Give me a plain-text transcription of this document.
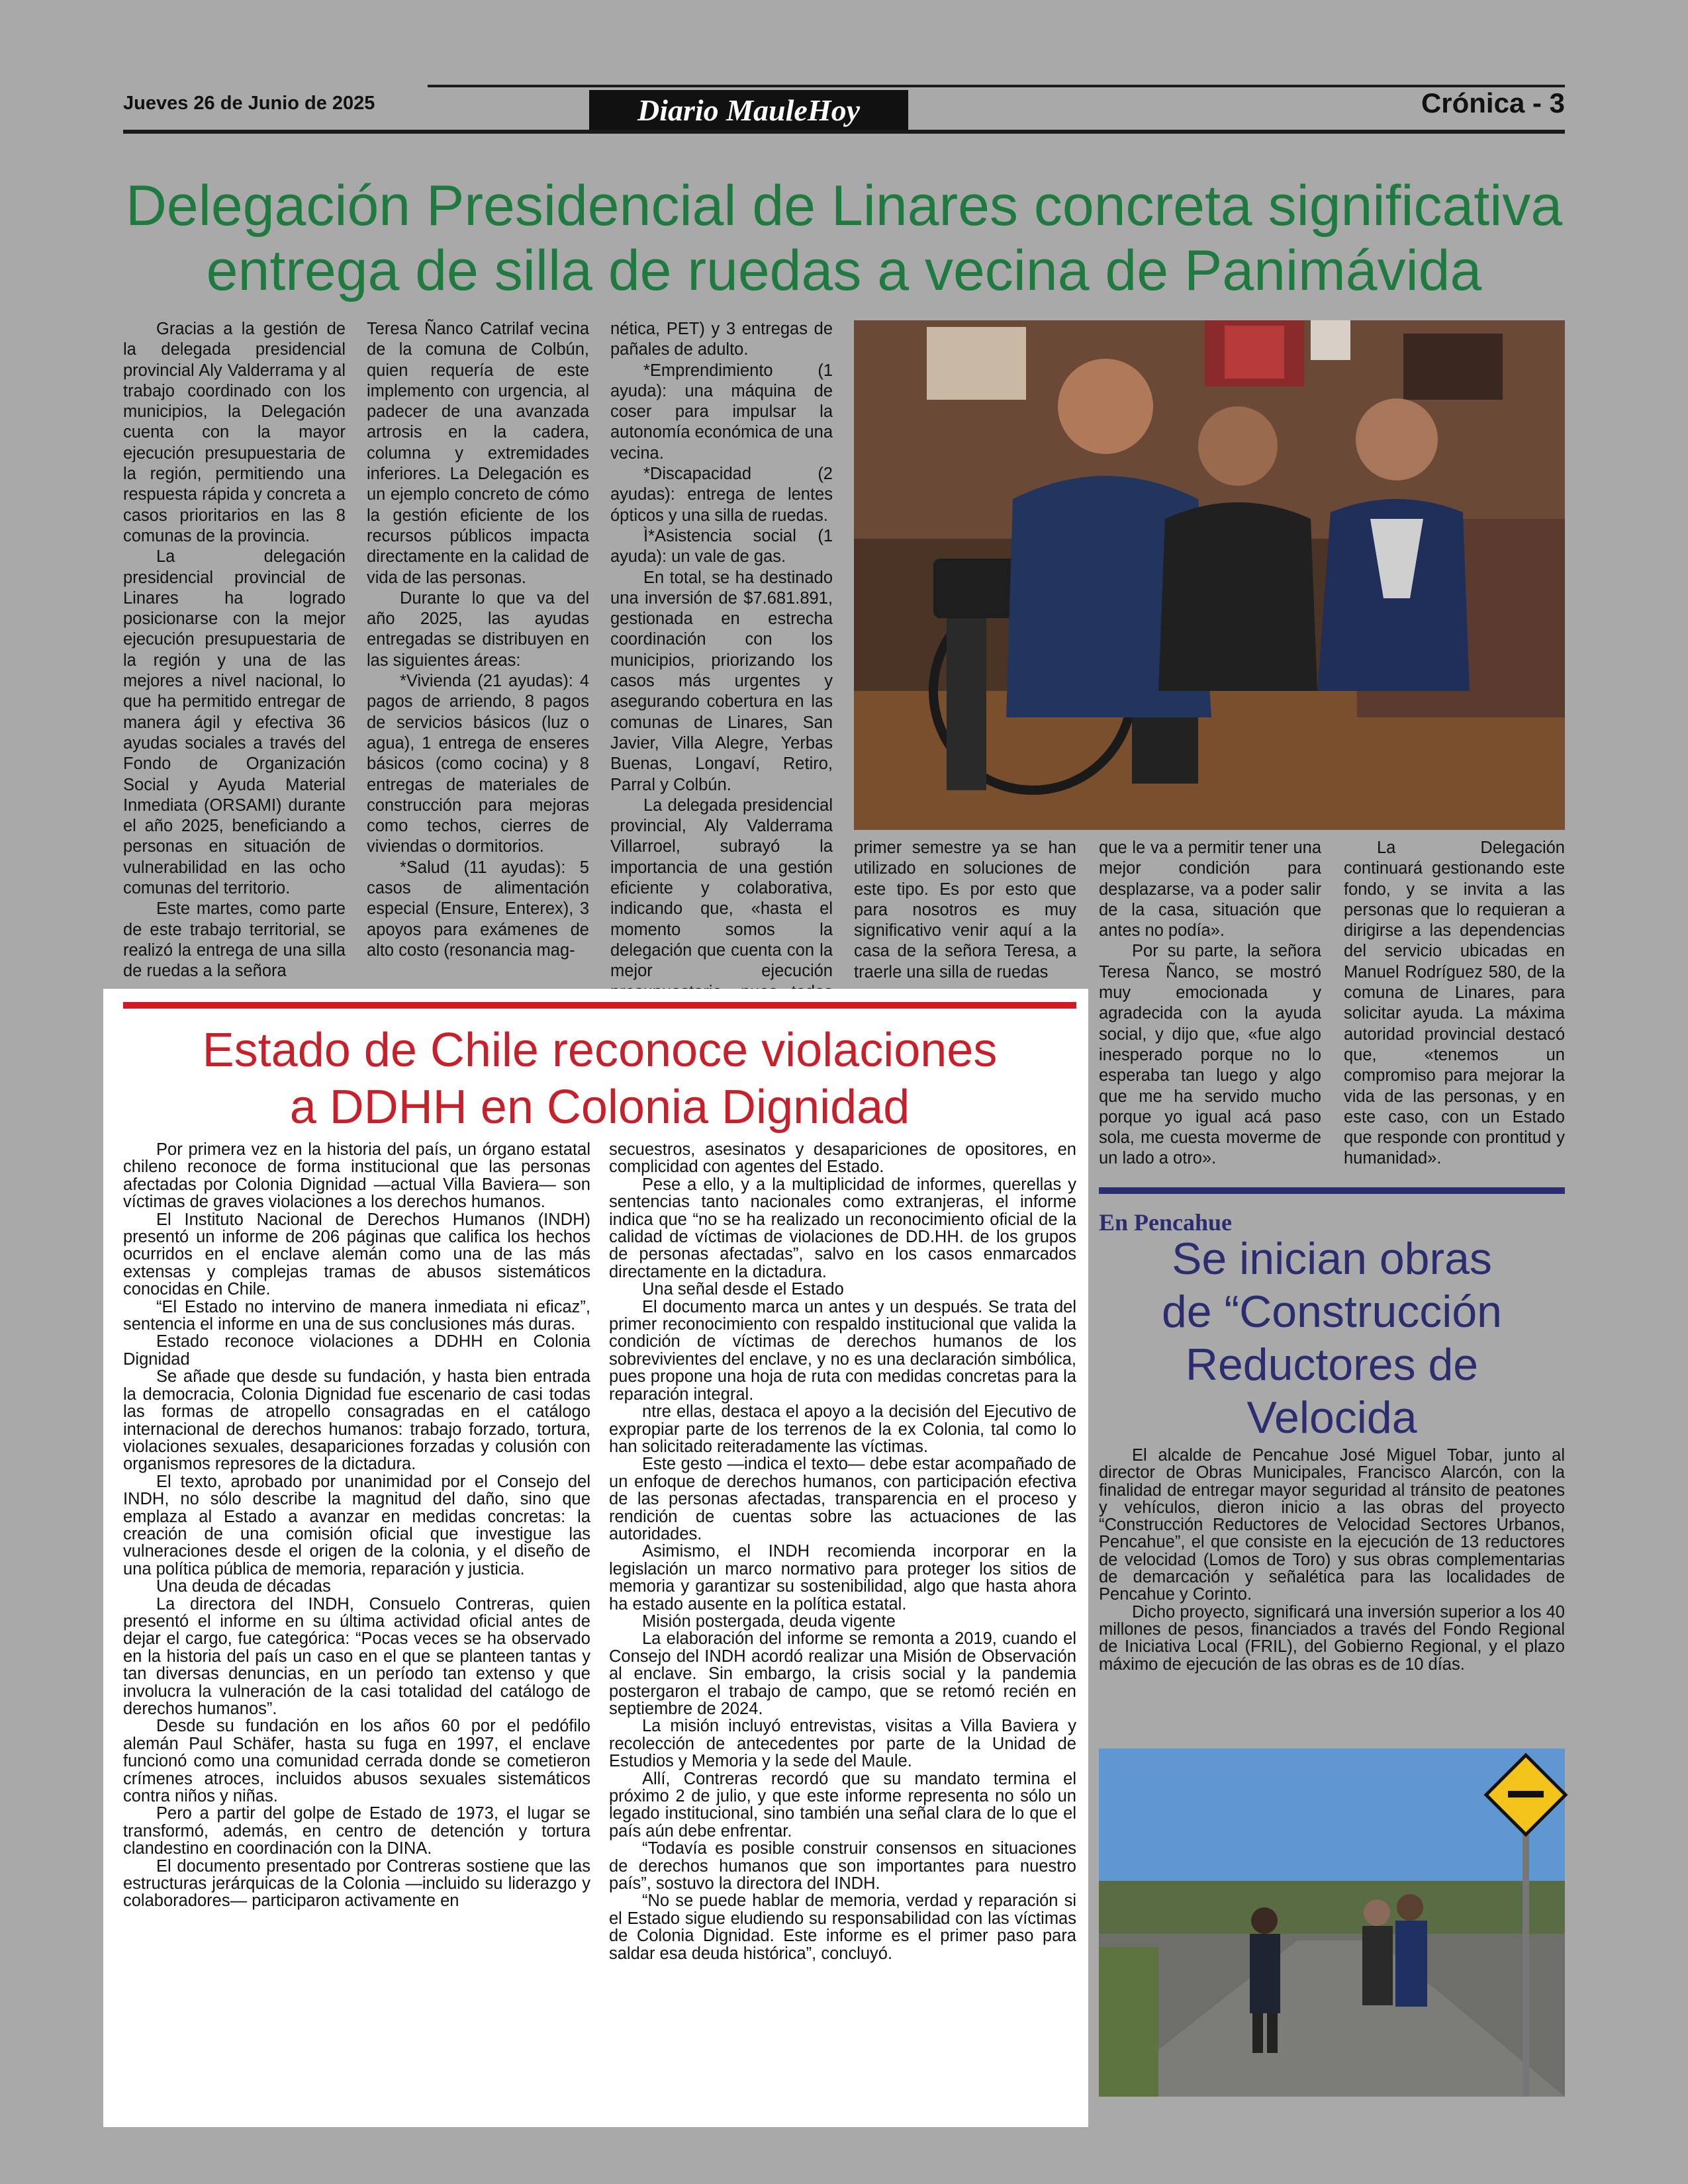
Jueves 26 de Junio de 2025	Diario MauleHoy	Crónica - 3
Delegación Presidencial de Linares concreta significativa entrega de silla de ruedas a vecina de Panimávida

Gracias a la gestión de la delegada presidencial provincial Aly Valderrama y al trabajo coordinado con los municipios, la Delegación cuenta con la mayor ejecución presupuestaria de la región, permitiendo una respuesta rápida y concreta a casos prioritarios en las 8 comunas de la provincia.

La delegación presidencial provincial de Linares ha logrado posicionarse con la mejor ejecución presupuestaria de la región y una de las mejores a nivel nacional, lo que ha permitido entregar de manera ágil y efectiva 36 ayudas sociales a través del Fondo de Organización Social y Ayuda Material Inmediata (ORSAMI) durante el año 2025, beneficiando a personas en situación de vulnerabilidad en las ocho comunas del territorio.

Este martes, como parte de este trabajo territorial, se realizó la entrega de una silla de ruedas a la señora

Teresa Ñanco Catrilaf vecina de la comuna de Colbún, quien requería de este implemento con urgencia, al padecer de una avanzada artrosis en la cadera, columna y extremidades inferiores. La Delegación es un ejemplo concreto de cómo la gestión eficiente de los recursos públicos impacta directamente en la calidad de vida de las personas.

Durante lo que va del año 2025, las ayudas entregadas se distribuyen en las siguientes áreas:

*Vivienda (21 ayudas): 4 pagos de arriendo, 8 pagos de servicios básicos (luz o agua), 1 entrega de enseres básicos (como cocina) y 8 entregas de materiales de construcción para mejoras como techos, cierres de viviendas o dormitorios.

*Salud (11 ayudas): 5 casos de alimentación especial (Ensure, Enterex), 3 apoyos para exámenes de alto costo (resonancia mag-

nética, PET) y 3 entregas de pañales de adulto.

*Emprendimiento (1 ayuda): una máquina de coser para impulsar la autonomía económica de una vecina.

*Discapacidad (2 ayudas): entrega de lentes ópticos y una silla de ruedas.

Ì*Asistencia social (1 ayuda): un vale de gas.

En total, se ha destinado una inversión de $7.681.891, gestionada en estrecha coordinación con los municipios, priorizando los casos más urgentes y asegurando cobertura en las comunas de Linares, San Javier, Villa Alegre, Yerbas Buenas, Longaví, Retiro, Parral y Colbún.

La delegada presidencial provincial, Aly Valderrama Villarroel, subrayó la importancia de una gestión eficiente y colaborativa, indicando que, «hasta el momento somos la delegación que cuenta con la mejor ejecución

primer semestre ya se han utilizado en soluciones de este tipo. Es por esto que para nosotros es muy significativo venir aquí a la casa de la señora Teresa, a traerle una silla de ruedas

que le va a permitir tener una mejor condición para desplazarse, va a poder salir de la casa, situación que antes no podía».

Por su parte, la señora Teresa Ñanco, se mostró muy emocionada y agradecida con la ayuda social, y dijo que, «fue algo inesperado porque no lo esperaba tan luego y algo que me ha servido mucho porque yo igual acá paso sola, me cuesta moverme de un lado a otro».

La Delegación continuará gestionando este fondo, y se invita a las personas que lo requieran a dirigirse a las dependencias del servicio ubicadas en Manuel Rodríguez 580, de la comuna de Linares, para solicitar ayuda. La máxima autoridad provincial destacó que, «tenemos un compromiso para mejorar la vida de las personas, y en este caso, con un Estado que responde con prontitud y humanidad».

Estado de Chile reconoce violaciones
a DDHH en Colonia Dignidad

Por primera vez en la historia del país, un órgano estatal chileno reconoce de forma institucional que las personas afectadas por Colonia Dignidad —actual Villa Baviera— son víctimas de graves violaciones a los derechos humanos.

El Instituto Nacional de Derechos Humanos (INDH) presentó un informe de 206 páginas que califica los hechos ocurridos en el enclave alemán como una de las más extensas y complejas tramas de abusos sistemáticos conocidas en Chile.

“El Estado no intervino de manera inmediata ni eficaz”, sentencia el informe en una de sus conclusiones más duras.

Estado reconoce violaciones a DDHH en Colonia Dignidad

Se añade que desde su fundación, y hasta bien entrada la democracia, Colonia Dignidad fue escenario de casi todas las formas de atropello consagradas en el catálogo internacional de derechos humanos: trabajo forzado, tortura, violaciones sexuales, desapariciones forzadas y colusión con organismos represores de la dictadura.

El texto, aprobado por unanimidad por el Consejo del INDH, no sólo describe la magnitud del daño, sino que emplaza al Estado a avanzar en medidas concretas: la creación de una comisión oficial que investigue las vulneraciones desde el origen de la colonia, y el diseño de una política pública de memoria, reparación y justicia.

Una deuda de décadas

La directora del INDH, Consuelo Contreras, quien presentó el informe en su última actividad oficial antes de dejar el cargo, fue categórica: “Pocas veces se ha observado en la historia del país un caso en el que se planteen tantas y tan diversas denuncias, en un período tan extenso y que involucra la vulneración de la casi totalidad del catálogo de derechos humanos”.

Desde su fundación en los años 60 por el pedófilo alemán Paul Schäfer, hasta su fuga en 1997, el enclave funcionó como una comunidad cerrada donde se cometieron crímenes atroces, incluidos abusos sexuales sistemáticos contra niños y niñas.

Pero a partir del golpe de Estado de 1973, el lugar se transformó, además, en centro de detención y tortura clandestino en coordinación con la DINA.

El documento presentado por Contreras sostiene que las estructuras jerárquicas de la Colonia —incluido su liderazgo y colaboradores— participaron activamente en

secuestros, asesinatos y desapariciones de opositores, en complicidad con agentes del Estado.

Pese a ello, y a la multiplicidad de informes, querellas y sentencias tanto nacionales como extranjeras, el informe indica que “no se ha realizado un reconocimiento oficial de la calidad de víctimas de violaciones de DD.HH. de los grupos de personas afectadas”, salvo en los casos enmarcados directamente en la dictadura.

Una señal desde el Estado

El documento marca un antes y un después. Se trata del primer reconocimiento con respaldo institucional que valida la condición de víctimas de derechos humanos de los sobrevivientes del enclave, y no es una declaración simbólica, pues propone una hoja de ruta con medidas concretas para la reparación integral.

ntre ellas, destaca el apoyo a la decisión del Ejecutivo de expropiar parte de los terrenos de la ex Colonia, tal como lo han solicitado reiteradamente las víctimas.

Este gesto —indica el texto— debe estar acompañado de un enfoque de derechos humanos, con participación efectiva de las personas afectadas, transparencia en el proceso y rendición de cuentas sobre las actuaciones de las autoridades.

Asimismo, el INDH recomienda incorporar en la legislación un marco normativo para proteger los sitios de memoria y garantizar su sostenibilidad, algo que hasta ahora ha estado ausente en la política estatal.

Misión postergada, deuda vigente

La elaboración del informe se remonta a 2019, cuando el Consejo del INDH acordó realizar una Misión de Observación al enclave. Sin embargo, la crisis social y la pandemia postergaron el trabajo de campo, que se retomó recién en septiembre de 2024.

La misión incluyó entrevistas, visitas a Villa Baviera y recolección de antecedentes por parte de la Unidad de Estudios y Memoria y la sede del Maule.

Allí, Contreras recordó que su mandato termina el próximo 2 de julio, y que este informe representa no sólo un legado institucional, sino también una señal clara de lo que el país aún debe enfrentar.

“Todavía es posible construir consensos en situaciones de derechos humanos que son importantes para nuestro país”, sostuvo la directora del INDH.

“No se puede hablar de memoria, verdad y reparación si el Estado sigue eludiendo su responsabilidad con las víctimas de Colonia Dignidad. Este informe es el primer paso para saldar esa deuda histórica”, concluyó.

En Pencahue
Se inician obras
de “Construcción
Reductores de
Velocida

El alcalde de Pencahue José Miguel Tobar, junto al director de Obras Municipales, Francisco Alarcón, con la finalidad de entregar mayor seguridad al tránsito de peatones y vehículos, dieron inicio a las obras del proyecto “Construcción Reductores de Velocidad Sectores Urbanos, Pencahue”, el que consiste en la ejecución de 13 reductores de velocidad (Lomos de Toro) y sus obras complementarias de demarcación y señalética para las localidades de Pencahue y Corinto.

Dicho proyecto, significará una inversión superior a los 40 millones de pesos, financiados a través del Fondo Regional de Iniciativa Local (FRIL), del Gobierno Regional, y el plazo máximo de ejecución de las obras es de 10 días.
